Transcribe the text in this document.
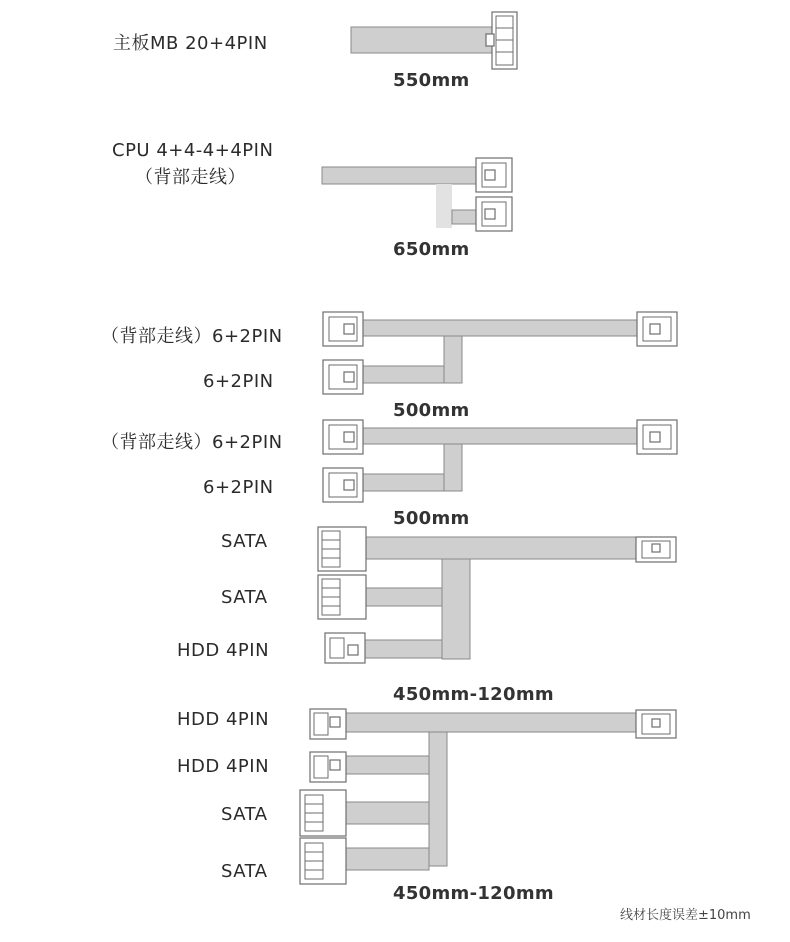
主板MB 20+4PIN
550mm
CPU 4+4-4+4PIN
（背部走线）
650mm
（背部走线）6+2PIN
6+2PIN
500mm
（背部走线）6+2PIN
6+2PIN
500mm
SATA
SATA
HDD 4PIN
450mm-120mm
HDD 4PIN
HDD 4PIN
SATA
SATA
450mm-120mm
线材长度误差±10mm
